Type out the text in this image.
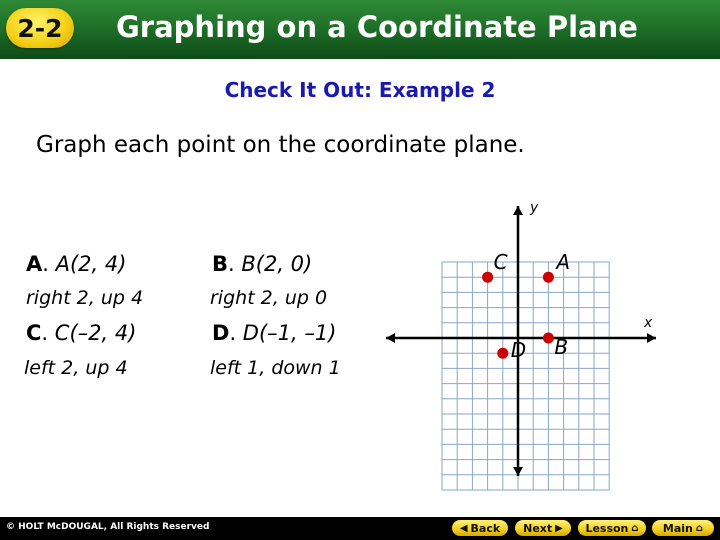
2-2	Graphing on a Coordinate Plane
Check It Out: Example 2
Graph each point on the coordinate plane.
A. A(2, 4)
right 2, up 4
B. B(2, 0)
right 2, up 0
C. C(–2, 4)
left 2, up 4
D. D(–1, –1)
left 1, down 1
A
B
C
D
x
y
© HOLT McDOUGAL, All Rights Reserved	◀ Back Next ▶ Lesson ⌂ Main ⌂
